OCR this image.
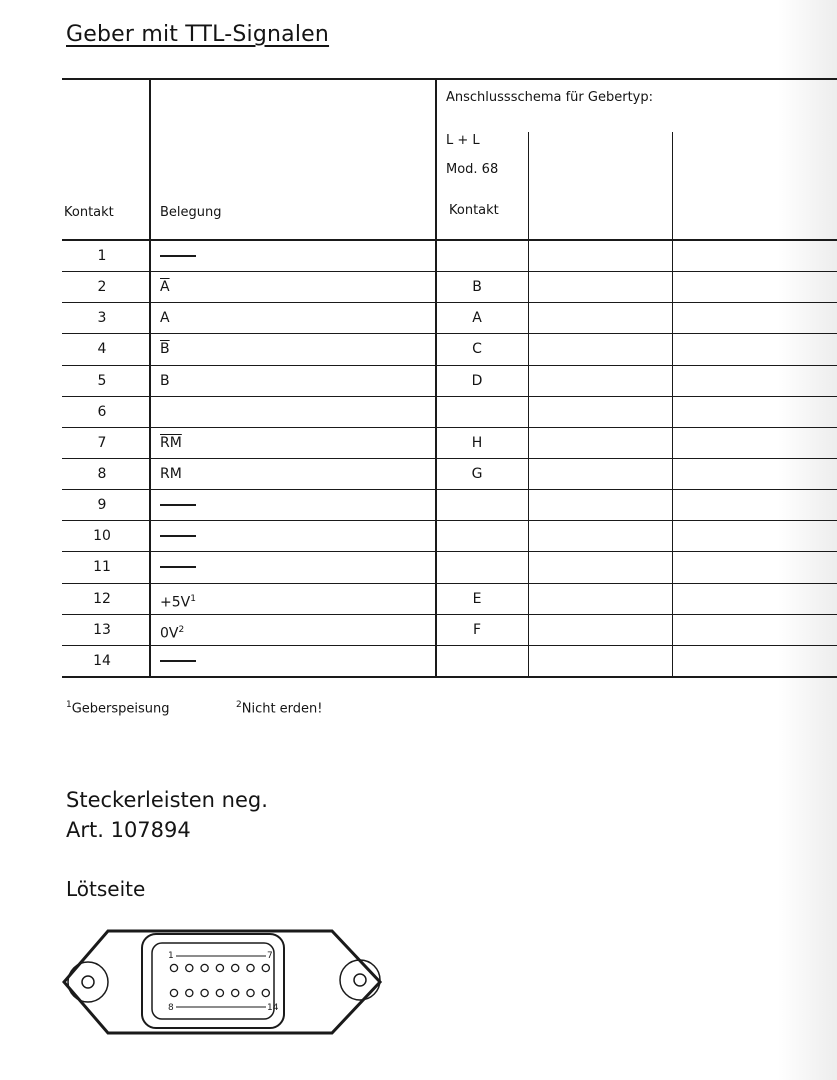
Geber mit TTL-Signalen
Kontakt	Belegung
Anschlussschema für Gebertyp:
L + L
Mod. 68
Kontakt
1
2	$\overline{A}$	B
3	A	A
4	$\overline{B}$	C
5	B	D
6
7	$\overline{RM}$	H
8	RM	G
9
10
11
12	$+5V^1$	E
13	$0V^2$	F
14
$^1$Geberspeisung	$^2$Nicht erden!
Steckerleisten neg.
Art. 107894
Lötseite
1	7
8	14
